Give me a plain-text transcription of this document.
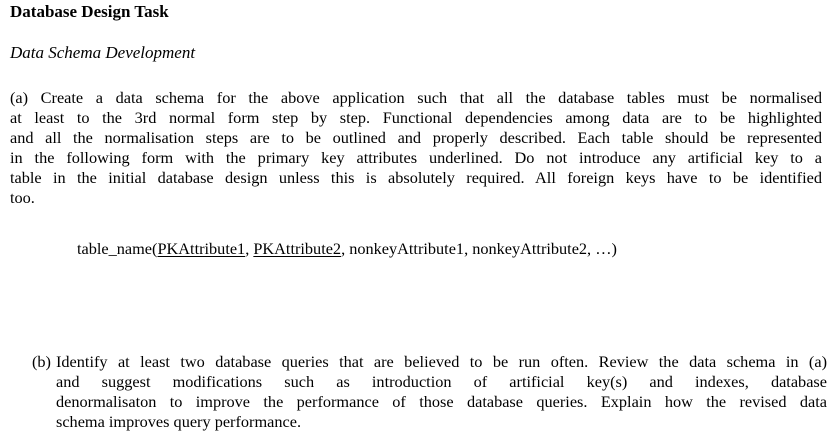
Database Design Task
Data Schema Development
(a) Create a data schema for the above application such that all the database tables must be normalised
at least to the 3rd normal form step by step. Functional dependencies among data are to be highlighted
and all the normalisation steps are to be outlined and properly described. Each table should be represented
in the following form with the primary key attributes underlined. Do not introduce any artificial key to a
table in the initial database design unless this is absolutely required. All foreign keys have to be identified
too.
table_name(PKAttribute1, PKAttribute2, nonkeyAttribute1, nonkeyAttribute2, …)
(b) Identify at least two database queries that are believed to be run often. Review the data schema in (a)
and suggest modifications such as introduction of artificial key(s) and indexes, database
denormalisaton to improve the performance of those database queries. Explain how the revised data
schema improves query performance.
